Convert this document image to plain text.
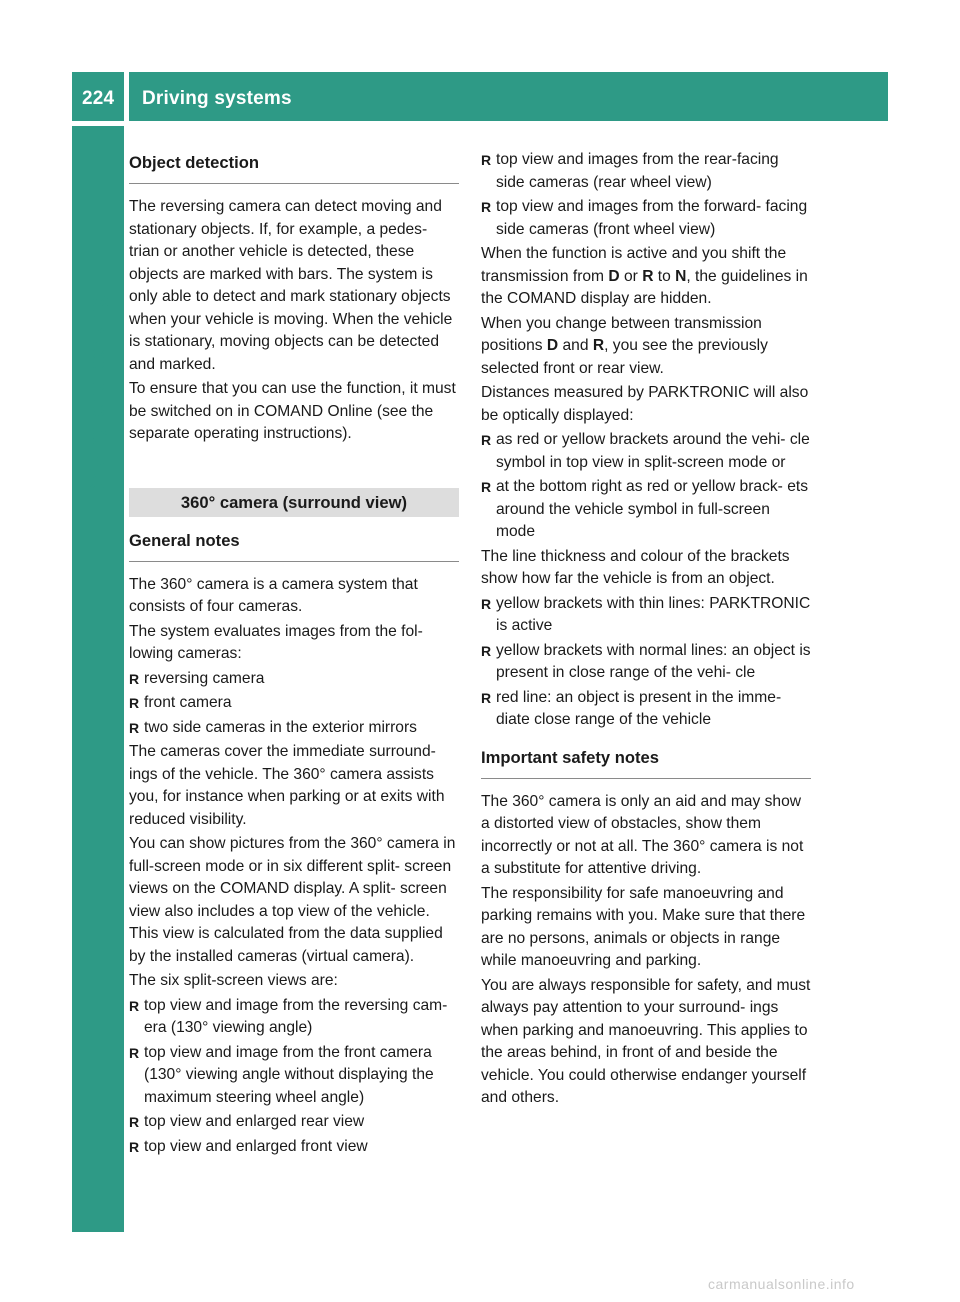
224 Driving systems
Driving and parking
Object detection

The reversing camera can detect moving and stationary objects. If, for example, a pedes- trian or another vehicle is detected, these objects are marked with bars. The system is only able to detect and mark stationary objects when your vehicle is moving. When the vehicle is stationary, moving objects can be detected and marked.

To ensure that you can use the function, it must be switched on in COMAND Online (see the separate operating instructions).

360° camera (surround view)
General notes

The 360° camera is a camera system that consists of four cameras.

The system evaluates images from the fol- lowing cameras:

R reversing camera
R front camera
R two side cameras in the exterior mirrors

The cameras cover the immediate surround- ings of the vehicle. The 360° camera assists you, for instance when parking or at exits with reduced visibility.

You can show pictures from the 360° camera in full-screen mode or in six different split- screen views on the COMAND display. A split- screen view also includes a top view of the vehicle. This view is calculated from the data supplied by the installed cameras (virtual camera).

The six split-screen views are:

R top view and image from the reversing cam- era (130° viewing angle)
R top view and image from the front camera (130° viewing angle without displaying the maximum steering wheel angle)
R top view and enlarged rear view
R top view and enlarged front view
R top view and images from the rear-facing side cameras (rear wheel view)
R top view and images from the forward- facing side cameras (front wheel view)

When the function is active and you shift the transmission from D or R to N, the guidelines in the COMAND display are hidden.

When you change between transmission positions D and R, you see the previously selected front or rear view.

Distances measured by PARKTRONIC will also be optically displayed:

R as red or yellow brackets around the vehi- cle symbol in top view in split-screen mode or
R at the bottom right as red or yellow brack- ets around the vehicle symbol in full-screen mode

The line thickness and colour of the brackets show how far the vehicle is from an object.

R yellow brackets with thin lines: PARKTRONIC is active
R yellow brackets with normal lines: an object is present in close range of the vehi- cle
R red line: an object is present in the imme- diate close range of the vehicle
Important safety notes

The 360° camera is only an aid and may show a distorted view of obstacles, show them incorrectly or not at all. The 360° camera is not a substitute for attentive driving.

The responsibility for safe manoeuvring and parking remains with you. Make sure that there are no persons, animals or objects in range while manoeuvring and parking.

You are always responsible for safety, and must always pay attention to your surround- ings when parking and manoeuvring. This applies to the areas behind, in front of and beside the vehicle. You could otherwise endanger yourself and others.

carmanualsonline.info
